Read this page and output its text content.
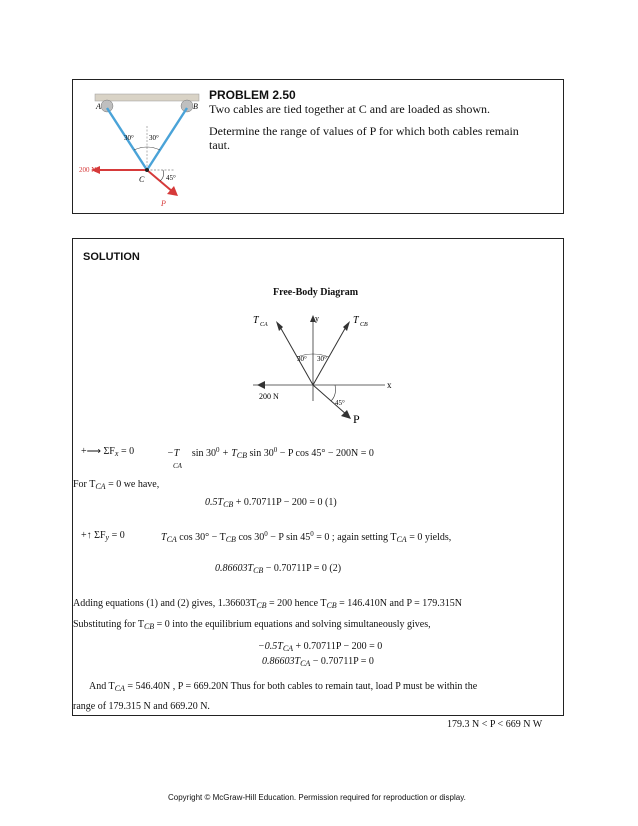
A	B
C
P
30° 30°
45°
200 N
PROBLEM 2.50
Two cables are tied together at C and are loaded as shown.
Determine the range of values of P for which both cables remain
taut.
SOLUTION
Free-Body Diagram
T CA	T CB
y
x
30° 30°
200 N
45°
P
+⟶ $\Sigma F_x = 0$	−T $\sin 30^0 + T_{CB}$ $\sin 30^0 - P$ cos 45° − 200N = 0
CA
For $T_{CA} = 0$ we have,
$0.5T_{CB} + 0.70711P - 200 = 0$ (1)
+↑ $\Sigma F_y = 0$	$T_{CA}$ $\cos 30^\circ - T_{CB}$ $\cos 30^0 - P$ $\sin 45^0 = 0$ ; again setting $T_{CA} = 0$ yields,
$0.86603T_{CB} - 0.70711P = 0$ (2)
Adding equations (1) and (2) gives, $1.36603T_{CB} = 200$ hence $T_{CB} = 146.410N$ and P = 179.315N
Substituting for $T_{CB} = 0$ into the equilibrium equations and solving simultaneously gives,
$-0.5T_{CA} + 0.70711P - 200 = 0$
$0.86603T_{CA} - 0.70711P = 0$
And $T_{CA} = 546.40N$ , P = 669.20N Thus for both cables to remain taut, load P must be within the
range of 179.315 N and 669.20 N.
179.3 N < P < 669 N W
Copyright © McGraw-Hill Education. Permission required for reproduction or display.
